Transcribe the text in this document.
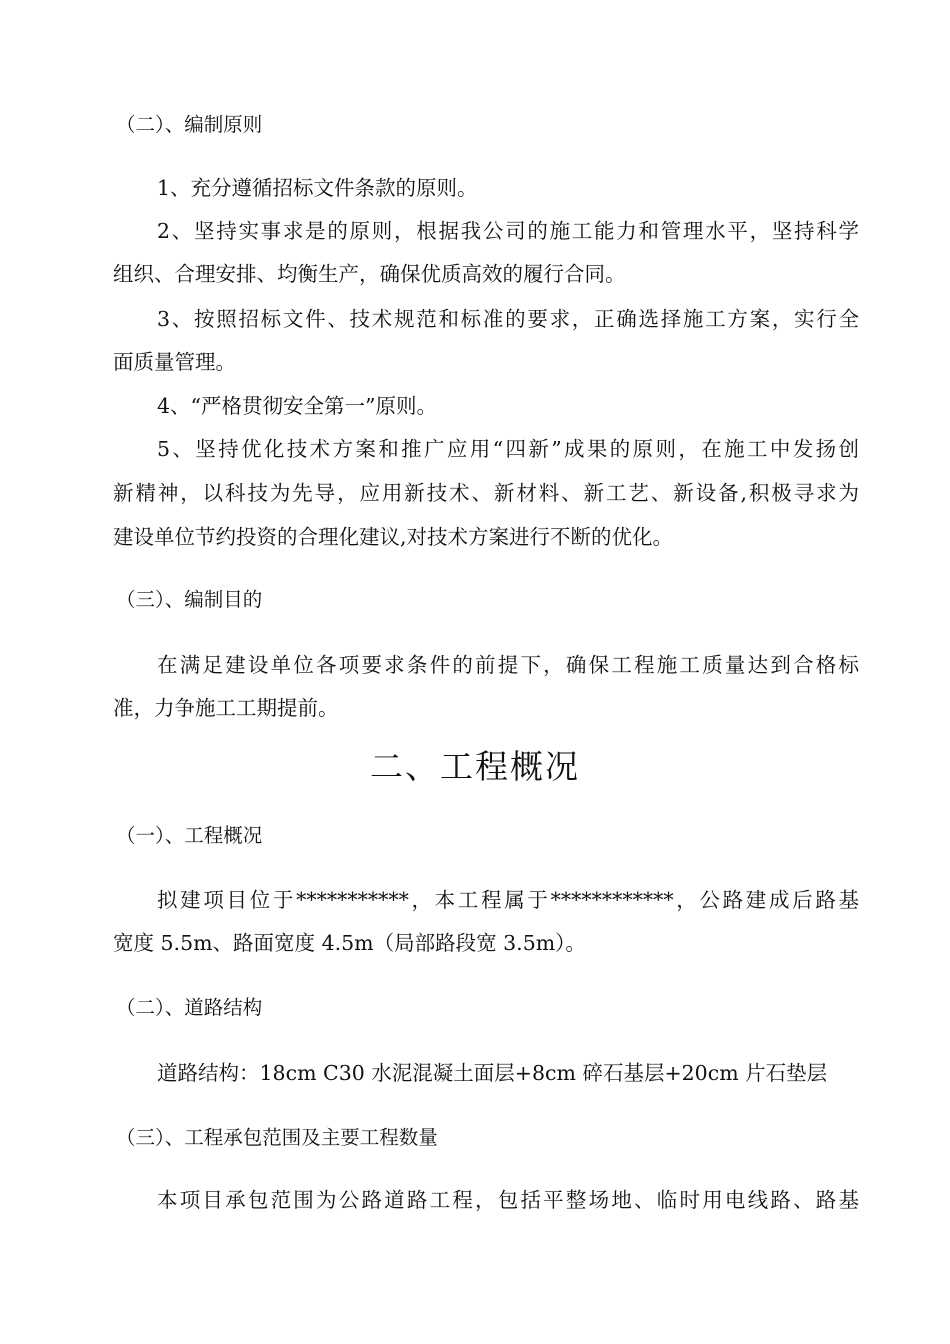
（二）、编制原则
1、充分遵循招标文件条款的原则。
2、坚持实事求是的原则，根据我公司的施工能力和管理水平，坚持科学
组织、合理安排、均衡生产，确保优质高效的履行合同。
3、按照招标文件、技术规范和标准的要求，正确选择施工方案，实行全
面质量管理。
4、“严格贯彻安全第一”原则。
5、坚持优化技术方案和推广应用“四新”成果的原则，在施工中发扬创
新精神，以科技为先导，应用新技术、新材料、新工艺、新设备,积极寻求为
建设单位节约投资的合理化建议,对技术方案进行不断的优化。
（三）、编制目的
在满足建设单位各项要求条件的前提下，确保工程施工质量达到合格标
准，力争施工工期提前。
二、工程概况
（一）、工程概况
拟建项目位于***********，本工程属于************，公路建成后路基
宽度 5.5m、路面宽度 4.5m（局部路段宽 3.5m）。
（二）、道路结构
道路结构：18cm C30 水泥混凝土面层+8cm 碎石基层+20cm 片石垫层
（三）、工程承包范围及主要工程数量
本项目承包范围为公路道路工程，包括平整场地、临时用电线路、路基
